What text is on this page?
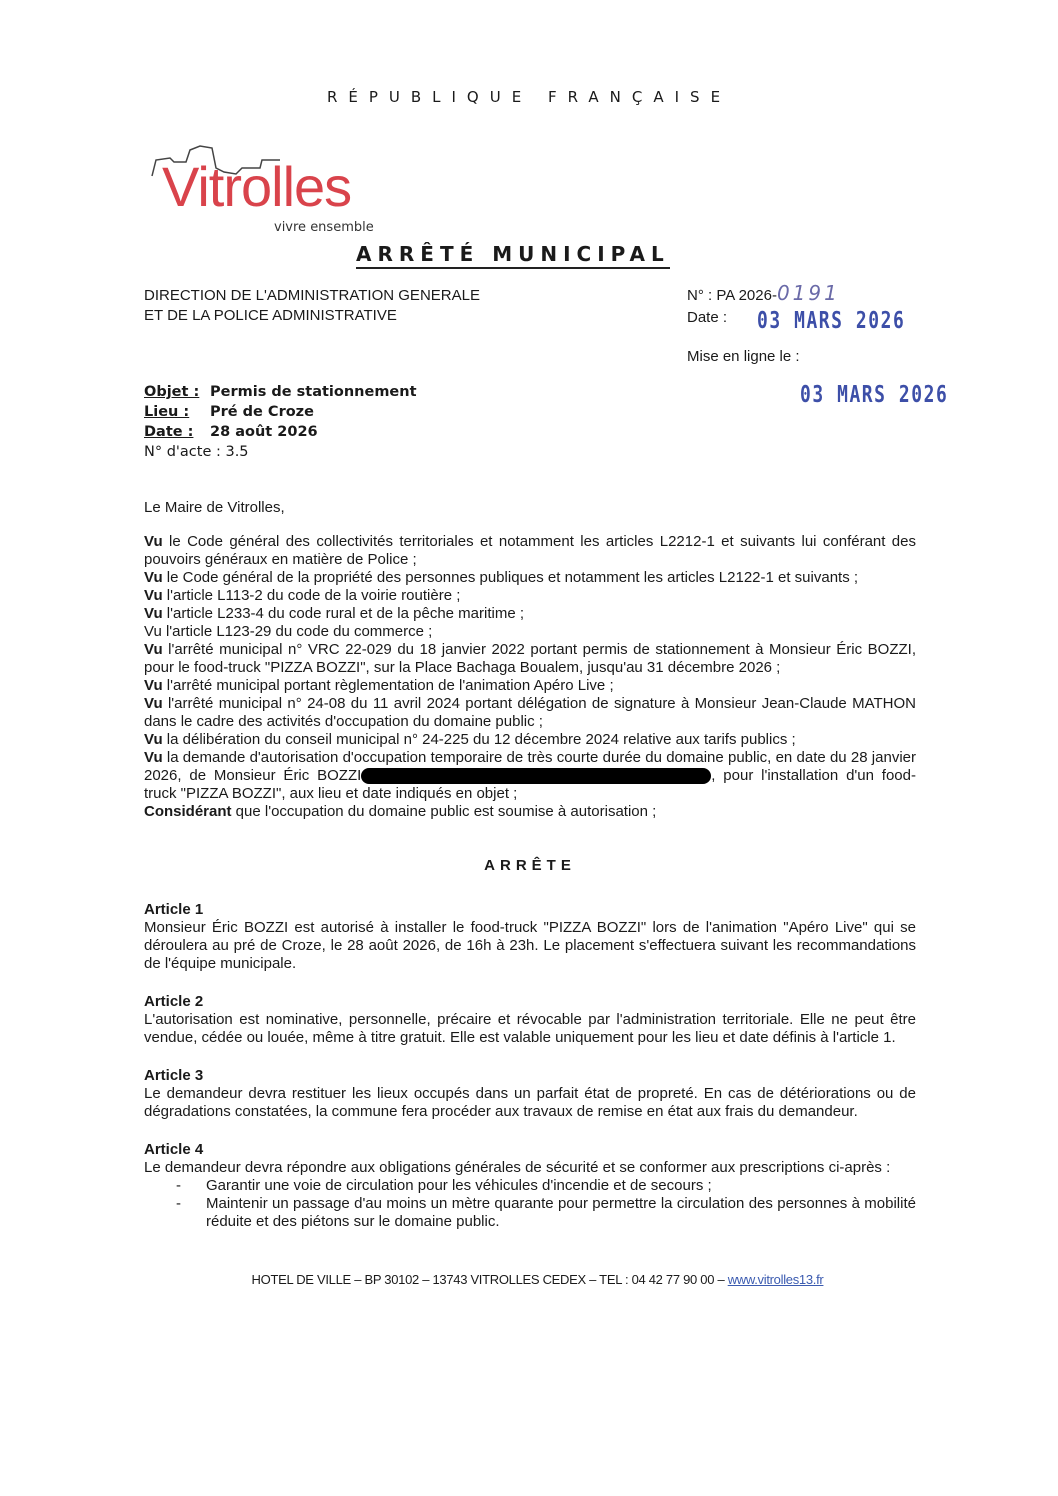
RÉPUBLIQUE FRANÇAISE
Vitrolles
vivre ensemble
ARRÊTÉ MUNICIPAL
DIRECTION DE L'ADMINISTRATION GENERALE
ET DE LA POLICE ADMINISTRATIVE
N° : PA 2026-0191
Date : 03 MARS 2026
Mise en ligne le :
03 MARS 2026
Objet : Permis de stationnement
Lieu : Pré de Croze
Date : 28 août 2026
N° d'acte : 3.5

Le Maire de Vitrolles,

Vu le Code général des collectivités territoriales et notamment les articles L2212-1 et suivants lui conférant des pouvoirs généraux en matière de Police ;

Vu le Code général de la propriété des personnes publiques et notamment les articles L2122-1 et suivants ;

Vu l'article L113-2 du code de la voirie routière ;

Vu l'article L233-4 du code rural et de la pêche maritime ;

Vu l'article L123-29 du code du commerce ;

Vu l'arrêté municipal n° VRC 22-029 du 18 janvier 2022 portant permis de stationnement à Monsieur Éric BOZZI, pour le food-truck "PIZZA BOZZI", sur la Place Bachaga Boualem, jusqu'au 31 décembre 2026 ;

Vu l'arrêté municipal portant règlementation de l'animation Apéro Live ;

Vu l'arrêté municipal n° 24-08 du 11 avril 2024 portant délégation de signature à Monsieur Jean-Claude MATHON dans le cadre des activités d'occupation du domaine public ;

Vu la délibération du conseil municipal n° 24-225 du 12 décembre 2024 relative aux tarifs publics ;

Vu la demande d'autorisation d'occupation temporaire de très courte durée du domaine public, en date du 28 janvier 2026, de Monsieur Éric BOZZI	, pour l'installation d'un food-truck "PIZZA BOZZI", aux lieu et date indiqués en objet ;

Considérant que l'occupation du domaine public est soumise à autorisation ;

ARRÊTE
Article 1

Monsieur Éric BOZZI est autorisé à installer le food-truck "PIZZA BOZZI" lors de l'animation "Apéro Live" qui se déroulera au pré de Croze, le 28 août 2026, de 16h à 23h. Le placement s'effectuera suivant les recommandations de l'équipe municipale.

Article 2

L'autorisation est nominative, personnelle, précaire et révocable par l'administration territoriale. Elle ne peut être vendue, cédée ou louée, même à titre gratuit. Elle est valable uniquement pour les lieu et date définis à l'article 1.

Article 3

Le demandeur devra restituer les lieux occupés dans un parfait état de propreté. En cas de détériorations ou de dégradations constatées, la commune fera procéder aux travaux de remise en état aux frais du demandeur.

Article 4

Le demandeur devra répondre aux obligations générales de sécurité et se conformer aux prescriptions ci-après :

- Garantir une voie de circulation pour les véhicules d'incendie et de secours ;
- Maintenir un passage d'au moins un mètre quarante pour permettre la circulation des personnes à mobilité réduite et des piétons sur le domaine public.
HOTEL DE VILLE – BP 30102 – 13743 VITROLLES CEDEX – TEL : 04 42 77 90 00 – www.vitrolles13.fr
